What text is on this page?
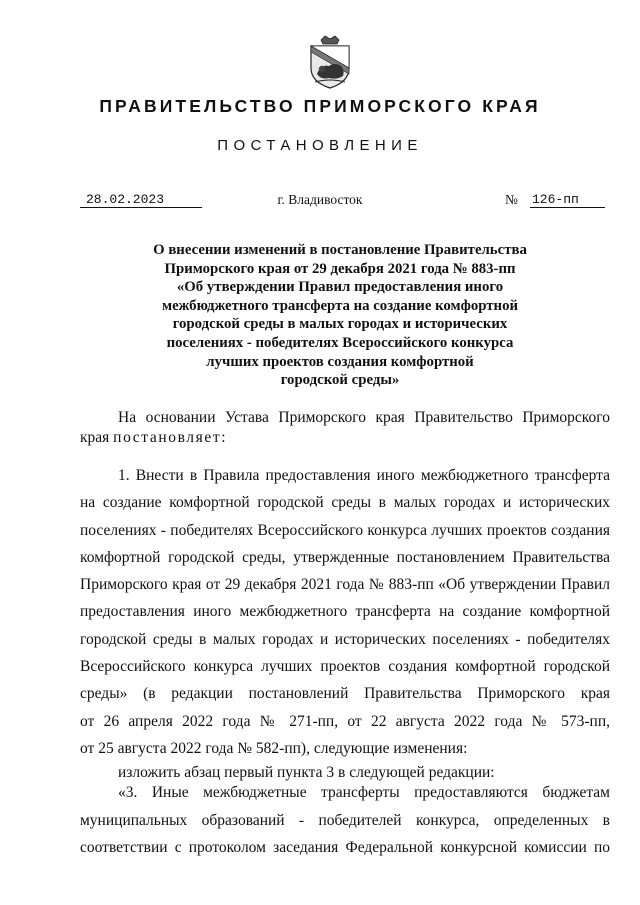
ПРАВИТЕЛЬСТВО ПРИМОРСКОГО КРАЯ
ПОСТАНОВЛЕНИЕ
28.02.2023	г. Владивосток	№ 126-пп
О внесении изменений в постановление Правительства
Приморского края от 29 декабря 2021 года № 883-пп
«Об утверждении Правил предоставления иного
межбюджетного трансферта на создание комфортной
городской среды в малых городах и исторических
поселениях - победителях Всероссийского конкурса
лучших проектов создания комфортной
городской среды»
На основании Устава Приморского края Правительство Приморского
края постановляет:
1. Внести в Правила предоставления иного межбюджетного трансферта
на создание комфортной городской среды в малых городах и исторических
поселениях - победителях Всероссийского конкурса лучших проектов создания
комфортной городской среды, утвержденные постановлением Правительства
Приморского края от 29 декабря 2021 года № 883-пп «Об утверждении Правил
предоставления иного межбюджетного трансферта на создание комфортной
городской среды в малых городах и исторических поселениях - победителях
Всероссийского конкурса лучших проектов создания комфортной городской
среды» (в редакции постановлений Правительства Приморского края
от 26 апреля 2022 года № 271-пп, от 22 августа 2022 года № 573-пп,
от 25 августа 2022 года № 582-пп), следующие изменения:
изложить абзац первый пункта 3 в следующей редакции:
«3. Иные межбюджетные трансферты предоставляются бюджетам
муниципальных образований - победителей конкурса, определенных в
соответствии с протоколом заседания Федеральной конкурсной комиссии по
